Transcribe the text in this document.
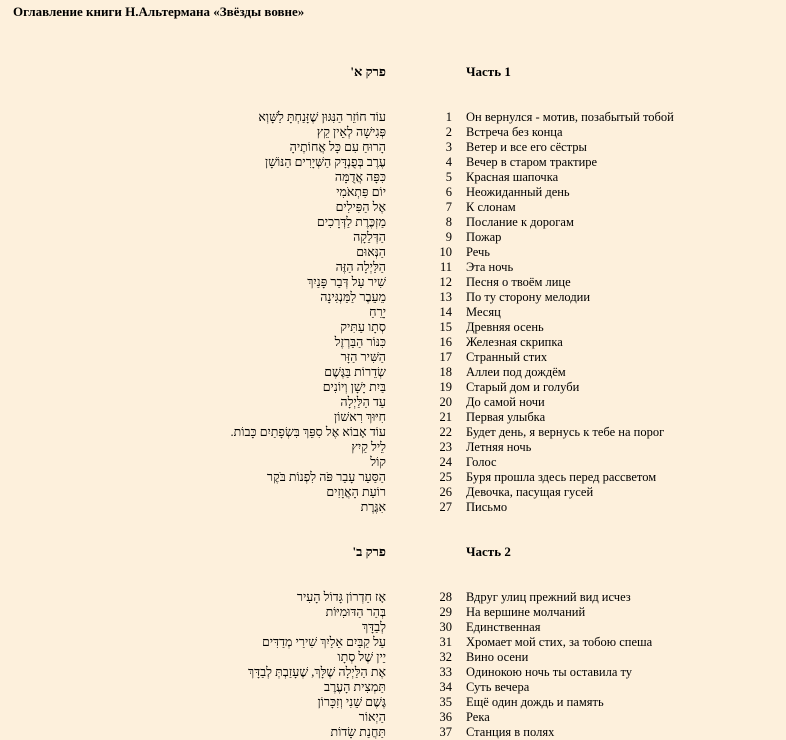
Оглавление книги Н.Альтермана «Звёзды вовне»
פרק א'	Часть 1
עוֹד חוֹזֵר הַנִּגּוּן שֶׁזָּנַחְתָּ לַשָּׁוְא	1 Он вернулся - мотив, позабытый тобой
פְּגִישָׁה לְאֵין קֵץ	2 Встреча без конца
הָרוּחַ עִם כָּל אֲחוֹתֶיהָ	3 Ветер и все его сёстры
עֶרֶב בְּפֻנְדָּק הַשְּׁיָרִים הַנּוֹשָׁן	4 Вечер в старом трактире
כִּפָּה אֲדֻמָּה	5 Красная шапочка
יוֹם פִּתְאֹמִי	6 Неожиданный день
אֶל הַפִּילִים	7 К слонам
מַזְכֶּרֶת לַדְּרָכִים	8 Послание к дорогам
הַדְּלֵקָה	9 Пожар
הַנְּאוּם	10 Речь
הַלַּיְלָה הַזֶּה	11 Эта ночь
שִׁיר עַל דְּבַר פָּנַיִךְ	12 Песня о твоём лице
מֵעֵבֶר לַמַּנְגִּינָה	13 По ту сторону мелодии
יָרֵחַ	14 Месяц
סְתָו עַתִּיק	15 Древняя осень
כִּנּוֹר הַבַּרְזֶל	16 Железная скрипка
הַשִּׁיר הַזָּר	17 Странный стих
שְׂדֵרוֹת בַּגֶּשֶׁם	18 Аллеи под дождём
בַּיִת יָשָׁן וְיוֹנִים	19 Старый дом и голуби
עַד הַלַּיְלָה	20 До самой ночи
חִיּוּךְ רִאשׁוֹן	21 Первая улыбка
עוֹד אָבוֹא אֶל סִפֵּךְ בִּשְׂפָתַיִם כָּבוֹת.	22 Будет день, я вернусь к тебе на порог
לֵיל קַיִץ	23 Летняя ночь
קוֹל	24 Голос
הַסַּעַר עָבַר פֹּה לִפְנוֹת בֹּקֶר	25 Буря прошла здесь перед рассветом
רוֹעַת הָאֲוָזִים	26 Девочка, пасущая гусей
אִגֶּרֶת	27 Письмо
פרק ב'	Часть 2
אָז חַדְרוֹן גָּדוֹל הָעִיר	28 Вдруг улиц прежний вид исчез
בְּהַר הַדּוּמִיּוֹת	29 На вершине молчаний
לְבַדָּךְ	30 Единственная
עַל קַבַּיִם אֵלַיִךְ שִׁירַי מְדַדִּים	31 Хромает мой стих, за тобою спеша
יֵין שֶׁל סְתָו	32 Вино осени
אֶת הַלַּיְלָה שֶׁלָּךְ, שֶׁעָזַבְתְּ לְבַדָּךְ	33 Одинокою ночь ты оставила ту
תַּמְצִית הָעֶרֶב	34 Суть вечера
גֶּשֶׁם שֵׁנִי וְזִכָּרוֹן	35 Ещё один дождь и память
הַיְאוֹר	36 Река
תַּחֲנַת שָׂדוֹת	37 Станция в полях
